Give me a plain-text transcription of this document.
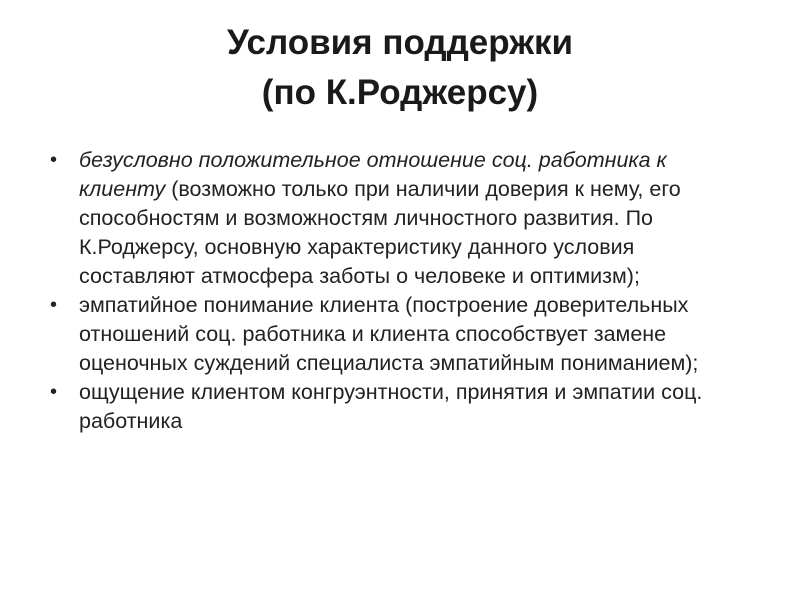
Условия поддержки
(по К.Роджерсу)
• безусловно положительное отношение соц. работника к клиенту (возможно только при наличии доверия к нему, его способностям и возможностям личностного развития. По К.Роджерсу, основную характеристику данного условия составляют атмосфера заботы о человеке и оптимизм);
• эмпатийное понимание клиента (построение доверительных отношений соц. работника и клиента способствует замене оценочных суждений специалиста эмпатийным пониманием);
• ощущение клиентом конгруэнтности, принятия и эмпатии соц. работника
